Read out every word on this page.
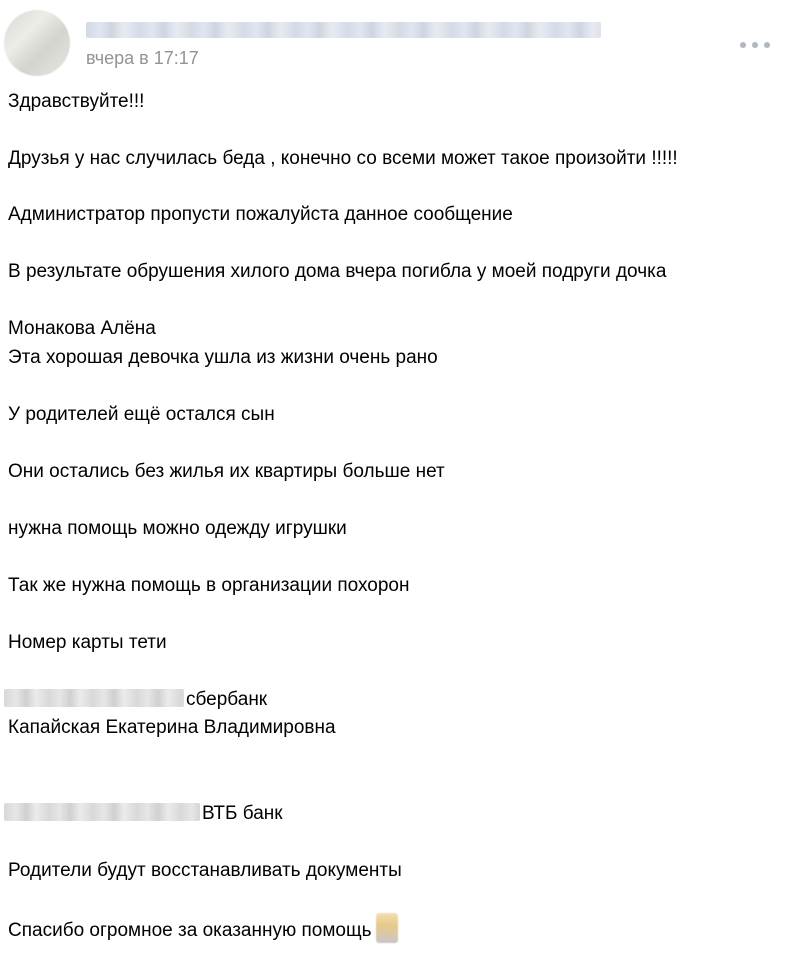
вчера в 17:17
Здравствуйте!!!
Друзья у нас случилась беда , конечно со всеми может такое произойти !!!!!
Администратор пропусти пожалуйста данное сообщение
В результате обрушения хилого дома вчера погибла у моей подруги дочка
Монакова Алёна
Эта хорошая девочка ушла из жизни очень рано
У родителей ещё остался сын
Они остались без жилья их квартиры больше нет
нужна помощь можно одежду игрушки
Так же нужна помощь в организации похорон
Номер карты тети
сбербанк
Капайская Екатерина Владимировна
ВТБ банк
Родители будут восстанавливать документы
Спасибо огромное за оказанную помощь
